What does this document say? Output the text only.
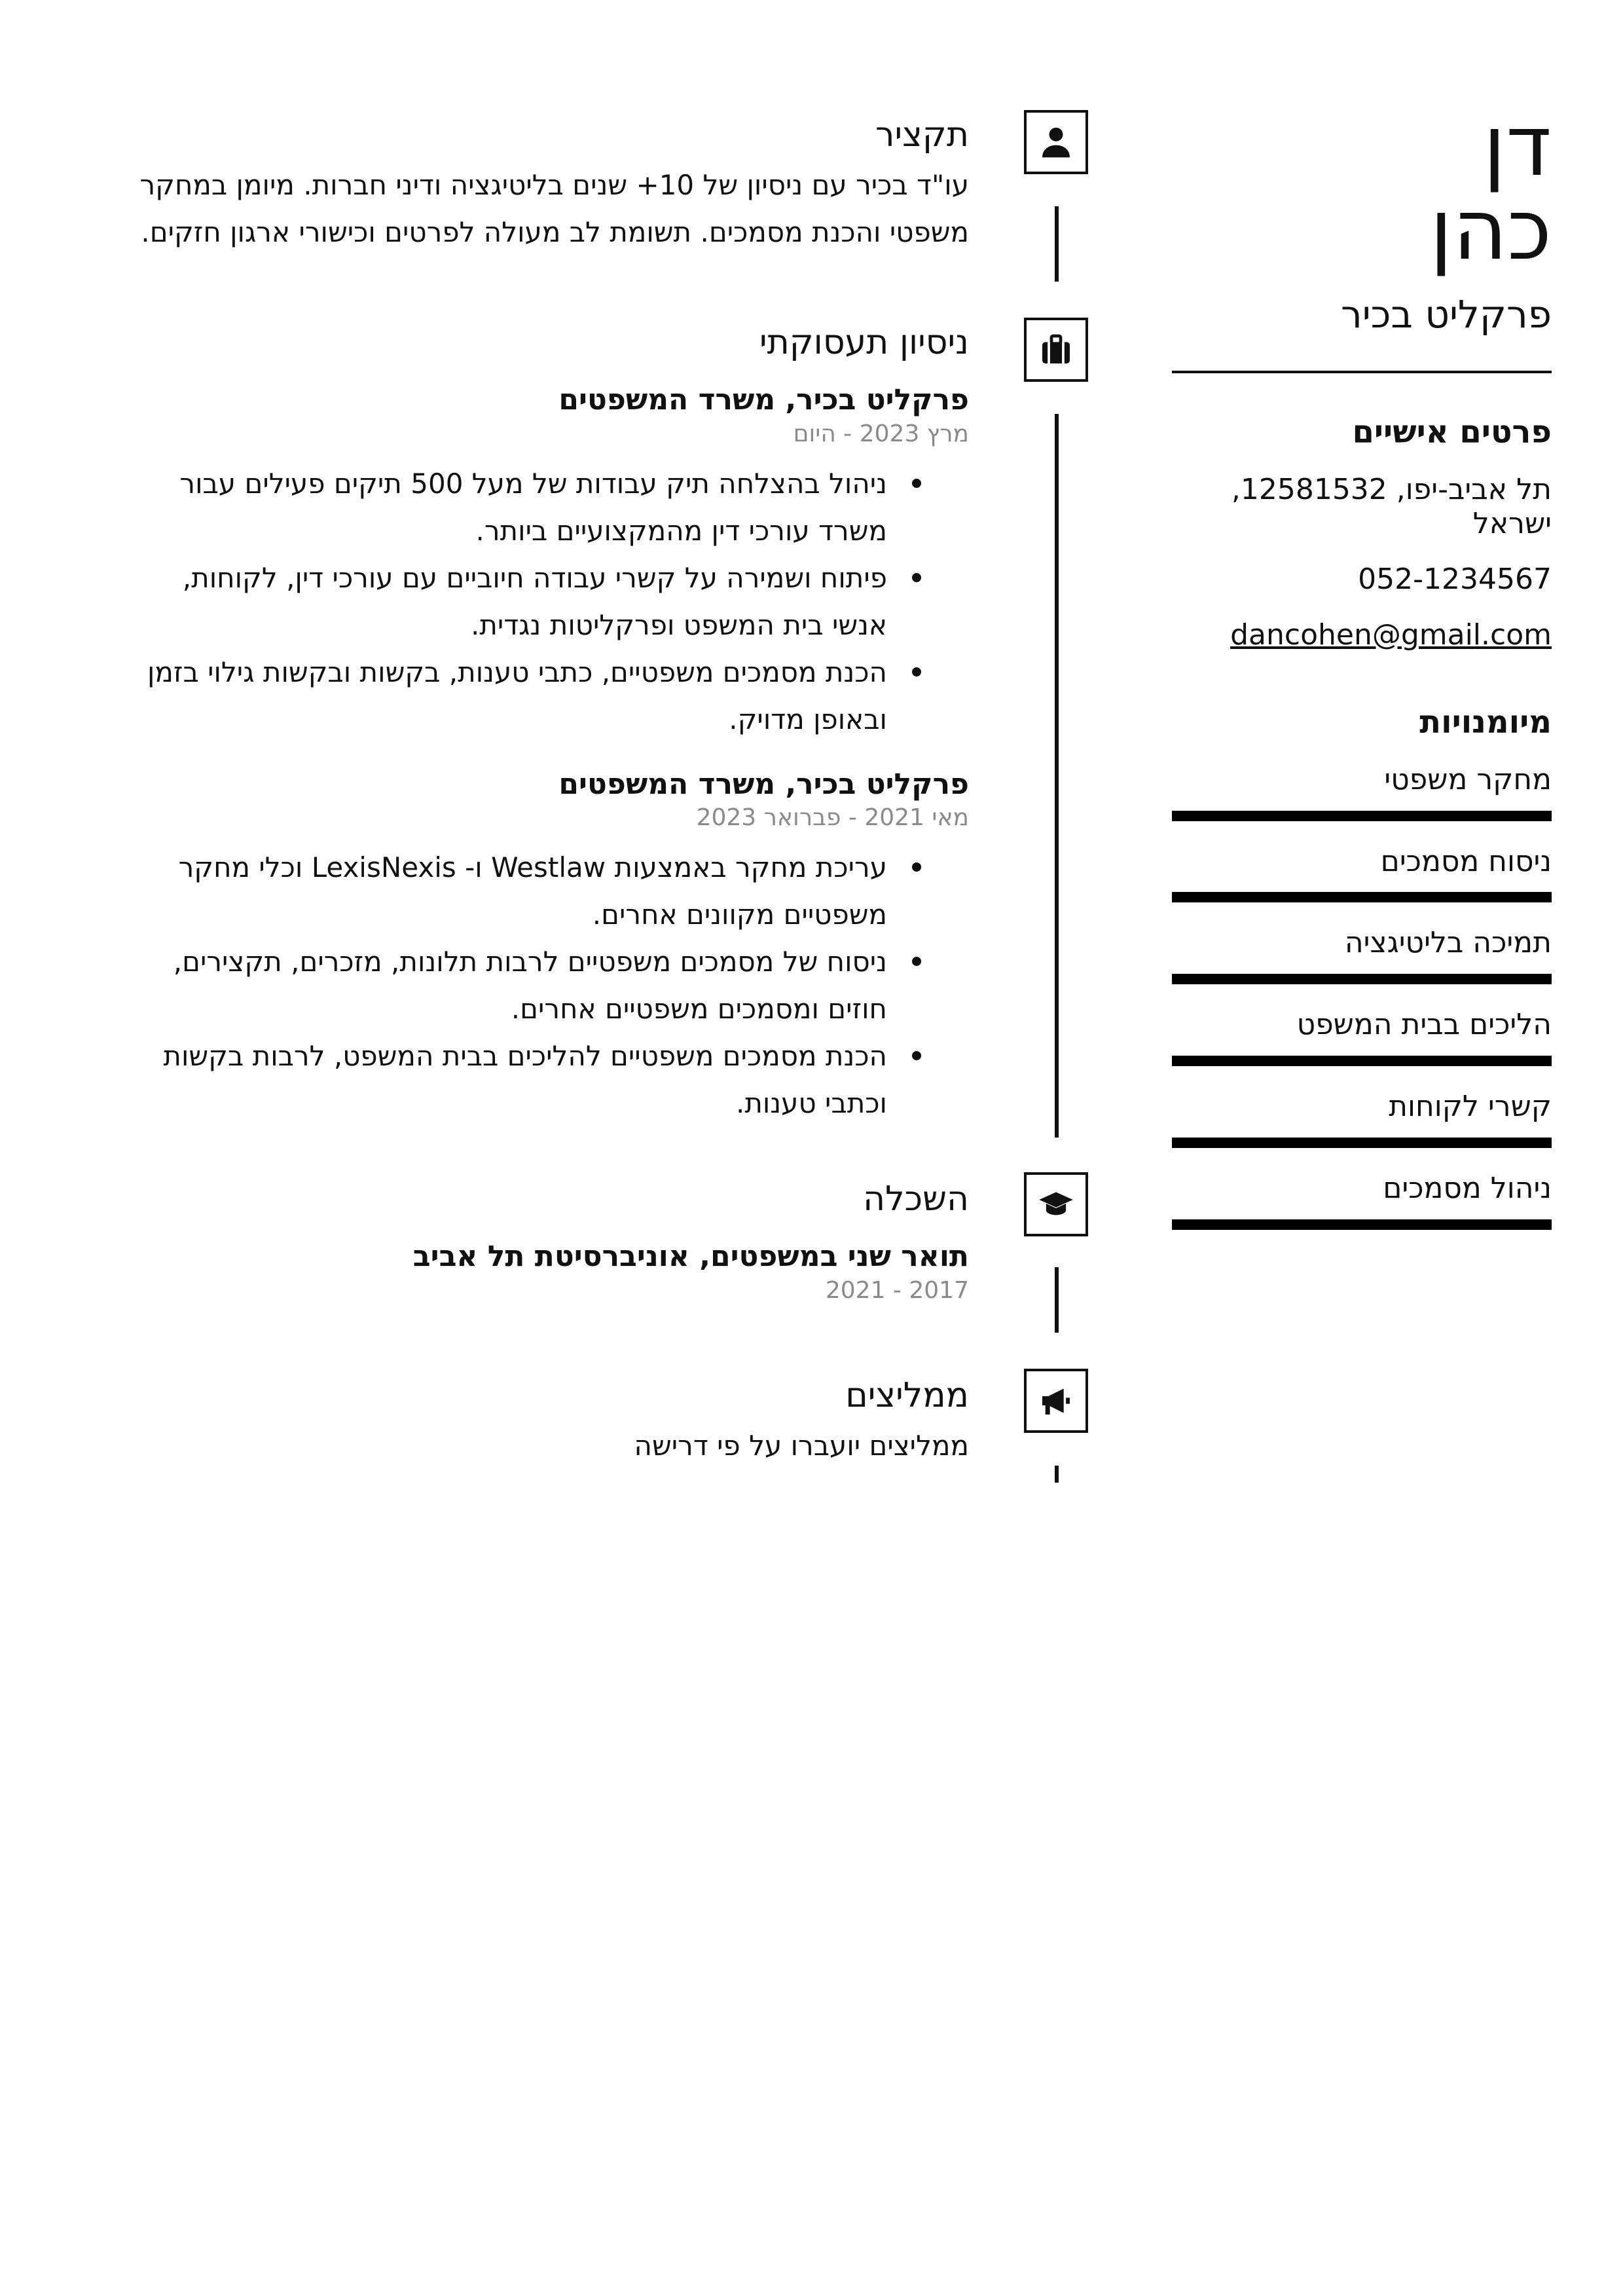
דן
כהן
פרקליט בכיר
פרטים אישיים
תל אביב-יפו, 12581532, ישראל
052-1234567
dancohen@gmail.com
מיומנויות
מחקר משפטי
ניסוח מסמכים
תמיכה בליטיגציה
הליכים בבית המשפט
קשרי לקוחות
ניהול מסמכים
תקציר
עו"ד בכיר עם ניסיון של 10+ שנים בליטיגציה ודיני חברות. מיומן במחקר משפטי והכנת מסמכים. תשומת לב מעולה לפרטים וכישורי ארגון חזקים.
ניסיון תעסוקתי
פרקליט בכיר, משרד המשפטים
מרץ 2023 - היום
ניהול בהצלחה תיק עבודות של מעל 500 תיקים פעילים עבור משרד עורכי דין מהמקצועיים ביותר.
פיתוח ושמירה על קשרי עבודה חיוביים עם עורכי דין, לקוחות, אנשי בית המשפט ופרקליטות נגדית.
הכנת מסמכים משפטיים, כתבי טענות, בקשות ובקשות גילוי בזמן ובאופן מדויק.
פרקליט בכיר, משרד המשפטים
מאי 2021 - פברואר 2023
עריכת מחקר באמצעות Westlaw ו- LexisNexis וכלי מחקר משפטיים מקוונים אחרים.
ניסוח של מסמכים משפטיים לרבות תלונות, מזכרים, תקצירים, חוזים ומסמכים משפטיים אחרים.
הכנת מסמכים משפטיים להליכים בבית המשפט, לרבות בקשות וכתבי טענות.
השכלה
תואר שני במשפטים, אוניברסיטת תל אביב
2017 - 2021
ממליצים
ממליצים יועברו על פי דרישה
